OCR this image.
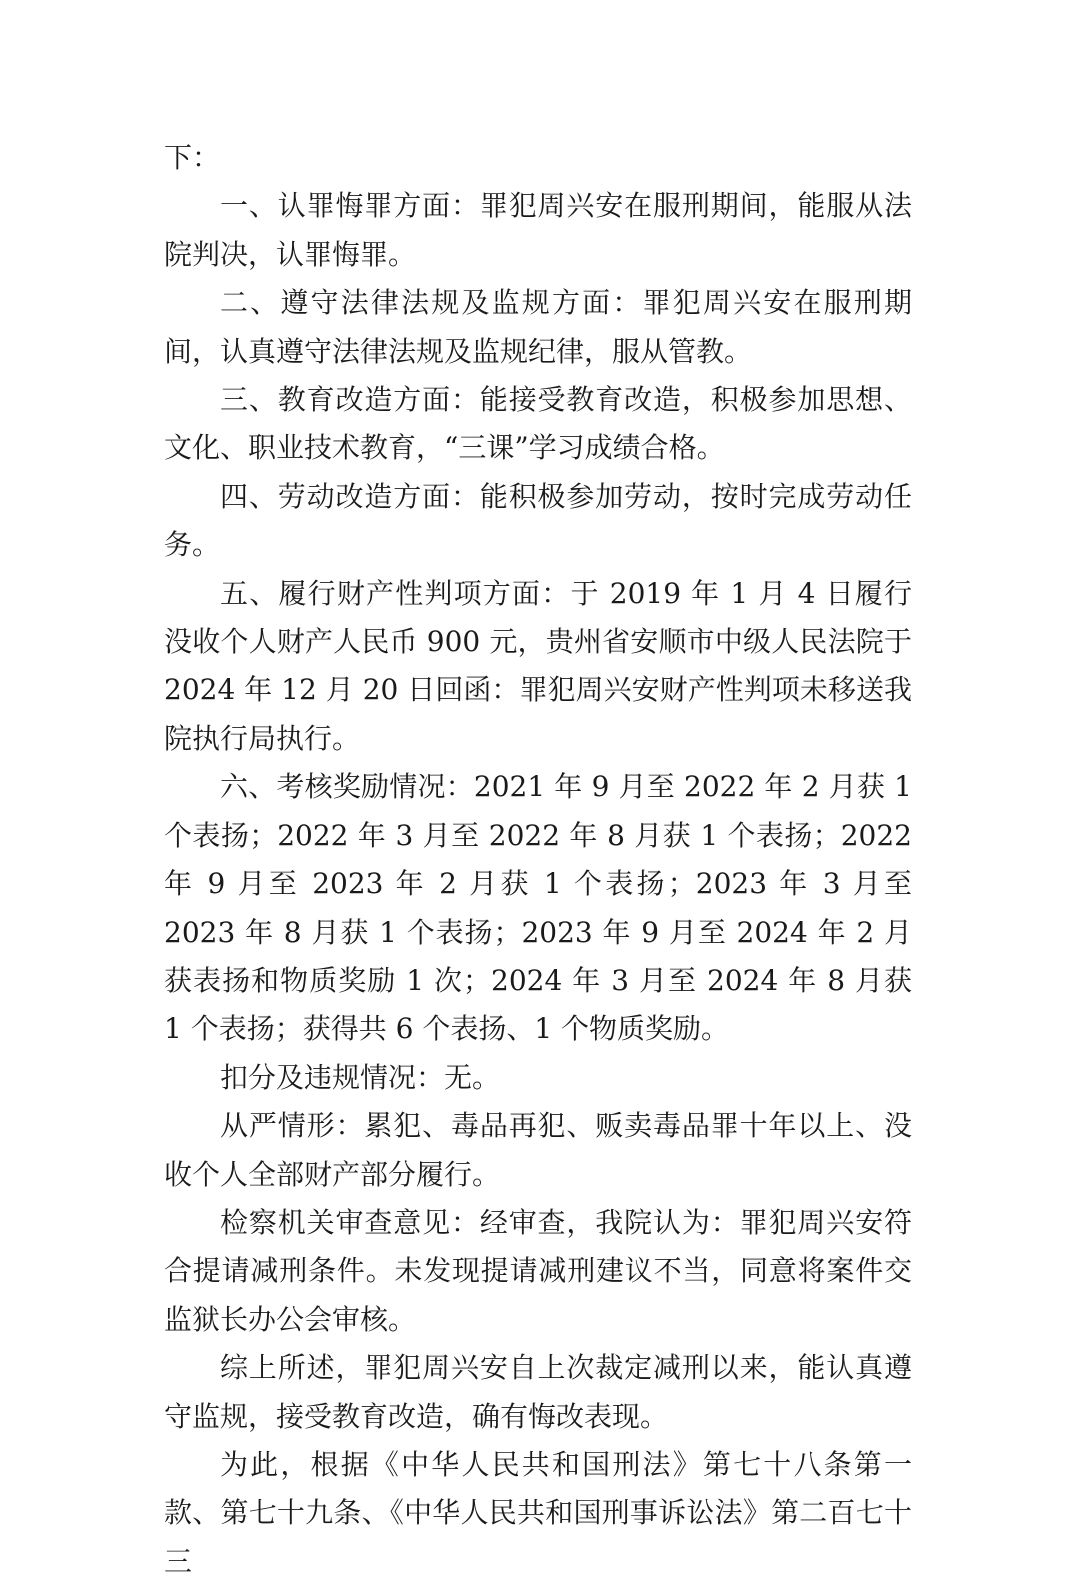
下：

一、认罪悔罪方面：罪犯周兴安在服刑期间，能服从法院判决，认罪悔罪。

二、遵守法律法规及监规方面：罪犯周兴安在服刑期间，认真遵守法律法规及监规纪律，服从管教。

三、教育改造方面：能接受教育改造，积极参加思想、文化、职业技术教育，“三课”学习成绩合格。

四、劳动改造方面：能积极参加劳动，按时完成劳动任务。

五、履行财产性判项方面：于 2019 年 1 月 4 日履行没收个人财产人民币 900 元，贵州省安顺市中级人民法院于 2024 年 12 月 20 日回函：罪犯周兴安财产性判项未移送我院执行局执行。

六、考核奖励情况：2021 年 9 月至 2022 年 2 月获 1 个表扬；2022 年 3 月至 2022 年 8 月获 1 个表扬；2022 年 9 月至 2023 年 2 月获 1 个表扬；2023 年 3 月至 2023 年 8 月获 1 个表扬；2023 年 9 月至 2024 年 2 月获表扬和物质奖励 1 次；2024 年 3 月至 2024 年 8 月获 1 个表扬；获得共 6 个表扬、1 个物质奖励。

扣分及违规情况：无。

从严情形：累犯、毒品再犯、贩卖毒品罪十年以上、没收个人全部财产部分履行。

检察机关审查意见：经审查，我院认为：罪犯周兴安符合提请减刑条件。未发现提请减刑建议不当，同意将案件交监狱长办公会审核。

综上所述，罪犯周兴安自上次裁定减刑以来，能认真遵守监规，接受教育改造，确有悔改表现。

为此，根据《中华人民共和国刑法》第七十八条第一款、第七十九条、《中华人民共和国刑事诉讼法》第二百七十三
